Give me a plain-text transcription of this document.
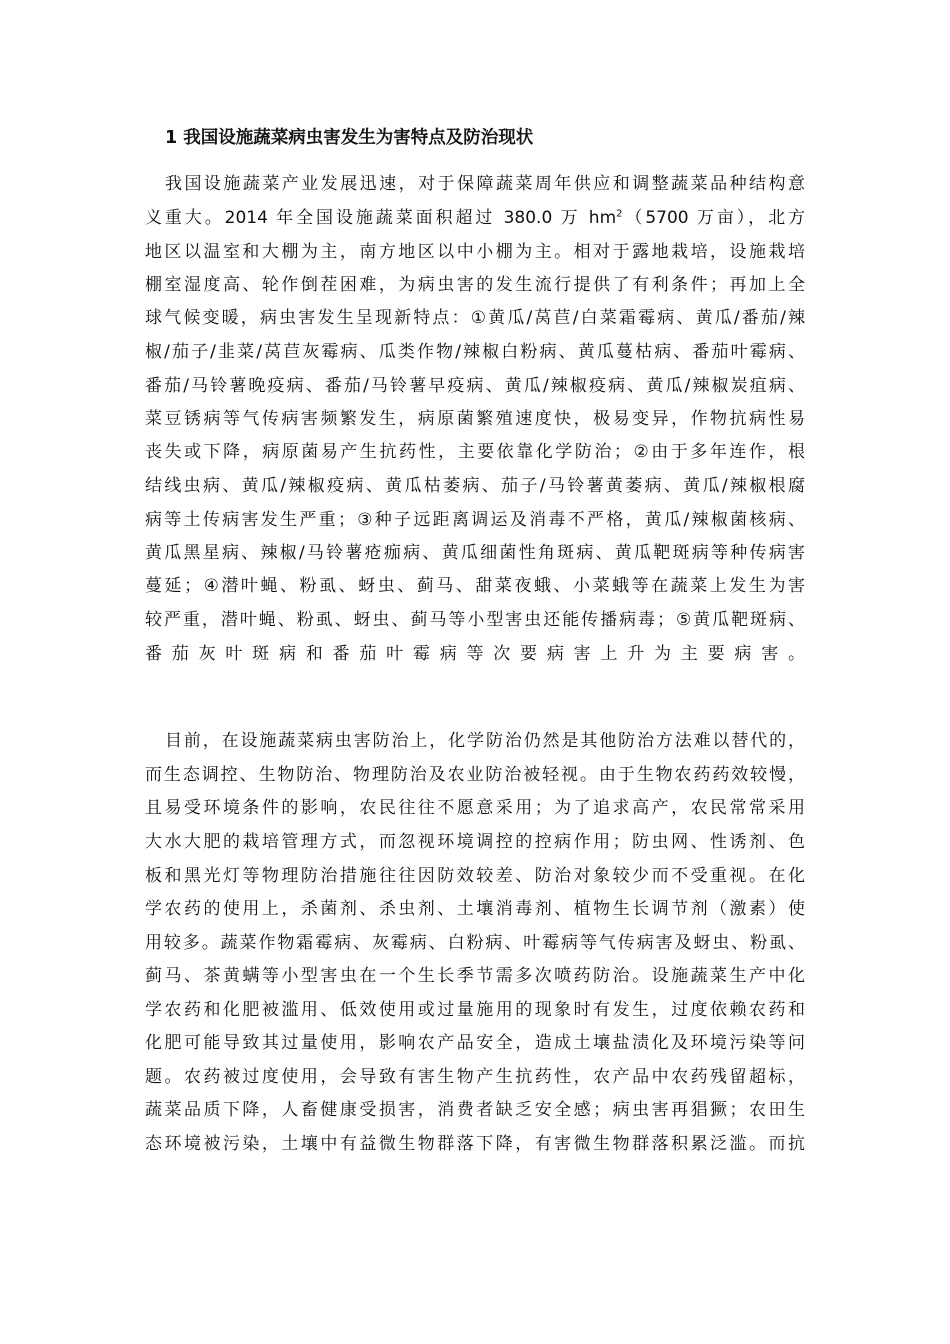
1 我国设施蔬菜病虫害发生为害特点及防治现状
我国设施蔬菜产业发展迅速，对于保障蔬菜周年供应和调整蔬菜品种结构意
义重大。2014 年全国设施蔬菜面积超过 380.0 万 $hm^2(5700$ 万亩），北方
地区以温室和大棚为主，南方地区以中小棚为主。相对于露地栽培，设施栽培
棚室湿度高、轮作倒茬困难，为病虫害的发生流行提供了有利条件；再加上全
球气候变暖，病虫害发生呈现新特点：①黄瓜/莴苣/白菜霜霉病、黄瓜/番茄/辣
椒/茄子/韭菜/莴苣灰霉病、瓜类作物/辣椒白粉病、黄瓜蔓枯病、番茄叶霉病、
番茄/马铃薯晚疫病、番茄/马铃薯早疫病、黄瓜/辣椒疫病、黄瓜/辣椒炭疽病、
菜豆锈病等气传病害频繁发生，病原菌繁殖速度快，极易变异，作物抗病性易
丧失或下降，病原菌易产生抗药性，主要依靠化学防治；②由于多年连作，根
结线虫病、黄瓜/辣椒疫病、黄瓜枯萎病、茄子/马铃薯黄萎病、黄瓜/辣椒根腐
病等土传病害发生严重；③种子远距离调运及消毒不严格，黄瓜/辣椒菌核病、
黄瓜黑星病、辣椒/马铃薯疮痂病、黄瓜细菌性角斑病、黄瓜靶斑病等种传病害
蔓延；④潜叶蝇、粉虱、蚜虫、蓟马、甜菜夜蛾、小菜蛾等在蔬菜上发生为害
较严重，潜叶蝇、粉虱、蚜虫、蓟马等小型害虫还能传播病毒；⑤黄瓜靶斑病、
番茄灰叶斑病和番茄叶霉病等次要病害上升为主要病害。
目前，在设施蔬菜病虫害防治上，化学防治仍然是其他防治方法难以替代的，
而生态调控、生物防治、物理防治及农业防治被轻视。由于生物农药药效较慢，
且易受环境条件的影响，农民往往不愿意采用；为了追求高产，农民常常采用
大水大肥的栽培管理方式，而忽视环境调控的控病作用；防虫网、性诱剂、色
板和黑光灯等物理防治措施往往因防效较差、防治对象较少而不受重视。在化
学农药的使用上，杀菌剂、杀虫剂、土壤消毒剂、植物生长调节剂（激素）使
用较多。蔬菜作物霜霉病、灰霉病、白粉病、叶霉病等气传病害及蚜虫、粉虱、
蓟马、茶黄螨等小型害虫在一个生长季节需多次喷药防治。设施蔬菜生产中化
学农药和化肥被滥用、低效使用或过量施用的现象时有发生，过度依赖农药和
化肥可能导致其过量使用，影响农产品安全，造成土壤盐渍化及环境污染等问
题。农药被过度使用，会导致有害生物产生抗药性，农产品中农药残留超标，
蔬菜品质下降，人畜健康受损害，消费者缺乏安全感；病虫害再猖獗；农田生
态环境被污染，土壤中有益微生物群落下降，有害微生物群落积累泛滥。而抗
